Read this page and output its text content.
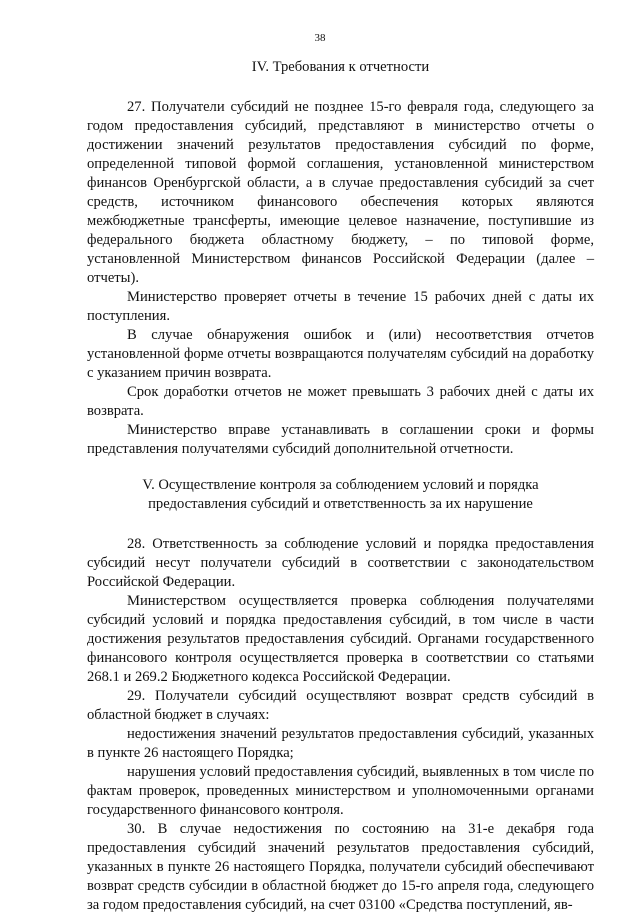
38
IV. Требования к отчетности

27. Получатели субсидий не позднее 15-го февраля года, следующего за годом предоставления субсидий, представляют в министерство отчеты о достижении значений результатов предоставления субсидий по форме, определенной типовой формой соглашения, установленной министерством финансов Оренбургской области, а в случае предоставления субсидий за счет средств, источником финансового обеспечения которых являются межбюджетные трансферты, имеющие целевое назначение, поступившие из федерального бюджета областному бюджету, – по типовой форме, установленной Министерством финансов Российской Федерации (далее – отчеты).

Министерство проверяет отчеты в течение 15 рабочих дней с даты их поступления.

В случае обнаружения ошибок и (или) несоответствия отчетов установленной форме отчеты возвращаются получателям субсидий на доработку с указанием причин возврата.

Срок доработки отчетов не может превышать 3 рабочих дней с даты их возврата.

Министерство вправе устанавливать в соглашении сроки и формы представления получателями субсидий дополнительной отчетности.

V. Осуществление контроля за соблюдением условий и порядка
предоставления субсидий и ответственность за их нарушение

28. Ответственность за соблюдение условий и порядка предоставления субсидий несут получатели субсидий в соответствии с законодательством Российской Федерации.

Министерством осуществляется проверка соблюдения получателями субсидий условий и порядка предоставления субсидий, в том числе в части достижения результатов предоставления субсидий. Органами государственного финансового контроля осуществляется проверка в соответствии со статьями 268.1 и 269.2 Бюджетного кодекса Российской Федерации.

29. Получатели субсидий осуществляют возврат средств субсидий в областной бюджет в случаях:

недостижения значений результатов предоставления субсидий, указанных в пункте 26 настоящего Порядка;

нарушения условий предоставления субсидий, выявленных в том числе по фактам проверок, проведенных министерством и уполномоченными органами государственного финансового контроля.

30. В случае недостижения по состоянию на 31-е декабря года предоставления субсидий значений результатов предоставления субсидий, указанных в пункте 26 настоящего Порядка, получатели субсидий обеспечивают возврат средств субсидии в областной бюджет до 15-го апреля года, следующего за годом предоставления субсидий, на счет 03100 «Средства поступлений, яв-
